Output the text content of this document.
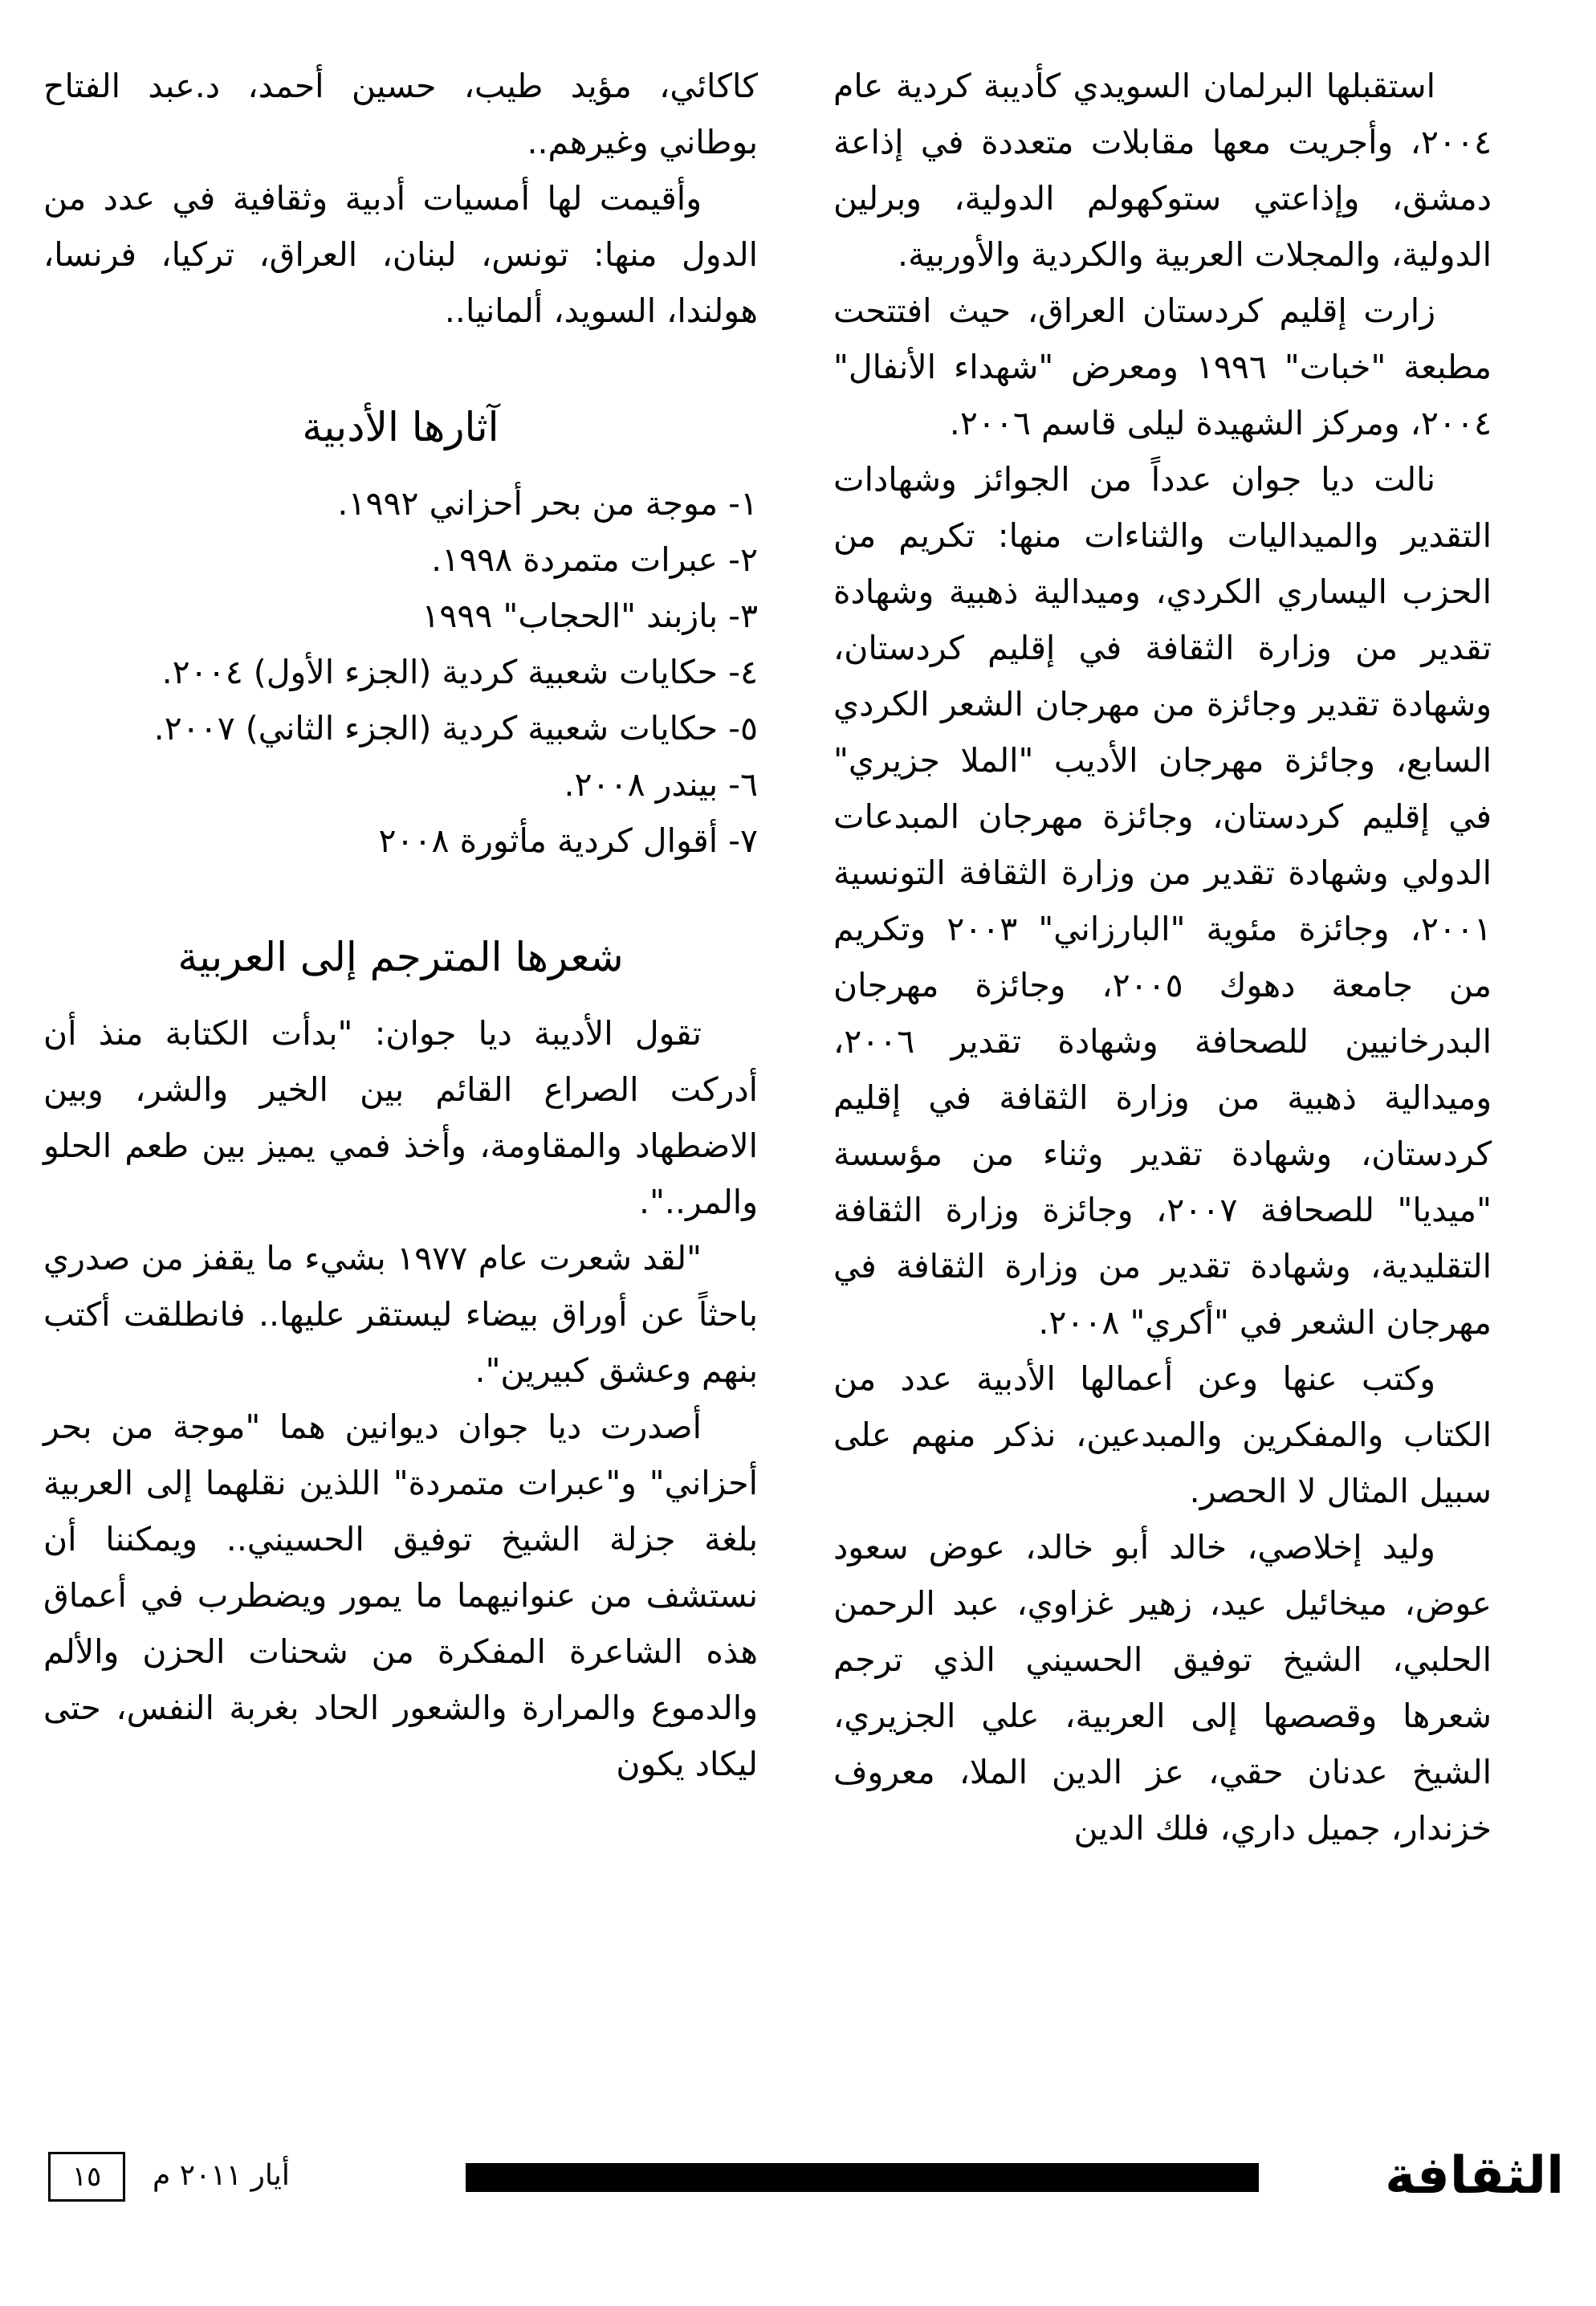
استقبلها البرلمان السويدي كأديبة كردية عام ٢٠٠٤، وأجريت معها مقابلات متعددة في إذاعة دمشق، وإذاعتي ستوكهولم الدولية، وبرلين الدولية، والمجلات العربية والكردية والأوربية.

زارت إقليم كردستان العراق، حيث افتتحت مطبعة "خبات" ١٩٩٦ ومعرض "شهداء الأنفال" ٢٠٠٤، ومركز الشهيدة ليلى قاسم ٢٠٠٦.

نالت ديا جوان عدداً من الجوائز وشهادات التقدير والميداليات والثناءات منها: تكريم من الحزب اليساري الكردي، وميدالية ذهبية وشهادة تقدير من وزارة الثقافة في إقليم كردستان، وشهادة تقدير وجائزة من مهرجان الشعر الكردي السابع، وجائزة مهرجان الأديب "الملا جزيري" في إقليم كردستان، وجائزة مهرجان المبدعات الدولي وشهادة تقدير من وزارة الثقافة التونسية ٢٠٠١، وجائزة مئوية "البارزاني" ٢٠٠٣ وتكريم من جامعة دهوك ٢٠٠٥، وجائزة مهرجان البدرخانيين للصحافة وشهادة تقدير ٢٠٠٦، وميدالية ذهبية من وزارة الثقافة في إقليم كردستان، وشهادة تقدير وثناء من مؤسسة "ميديا" للصحافة ٢٠٠٧، وجائزة وزارة الثقافة التقليدية، وشهادة تقدير من وزارة الثقافة في مهرجان الشعر في "أكري" ٢٠٠٨.

وكتب عنها وعن أعمالها الأدبية عدد من الكتاب والمفكرين والمبدعين، نذكر منهم على سبيل المثال لا الحصر.

وليد إخلاصي، خالد أبو خالد، عوض سعود عوض، ميخائيل عيد، زهير غزاوي، عبد الرحمن الحلبي، الشيخ توفيق الحسيني الذي ترجم شعرها وقصصها إلى العربية، علي الجزيري، الشيخ عدنان حقي، عز الدين الملا، معروف خزندار، جميل داري، فلك الدين

كاكائي، مؤيد طيب، حسين أحمد، د.عبد الفتاح بوطاني وغيرهم..

وأقيمت لها أمسيات أدبية وثقافية في عدد من الدول منها: تونس، لبنان، العراق، تركيا، فرنسا، هولندا، السويد، ألمانيا..

آثارها الأدبية
١- موجة من بحر أحزاني ١٩٩٢.
٢- عبرات متمردة ١٩٩٨.
٣- بازبند "الحجاب" ١٩٩٩
٤- حكايات شعبية كردية (الجزء الأول) ٢٠٠٤.
٥- حكايات شعبية كردية (الجزء الثاني) ٢٠٠٧.
٦- بيندر ٢٠٠٨.
٧- أقوال كردية مأثورة ٢٠٠٨
شعرها المترجم إلى العربية

تقول الأديبة ديا جوان: "بدأت الكتابة منذ أن أدركت الصراع القائم بين الخير والشر، وبين الاضطهاد والمقاومة، وأخذ فمي يميز بين طعم الحلو والمر..".

"لقد شعرت عام ١٩٧٧ بشيء ما يقفز من صدري باحثاً عن أوراق بيضاء ليستقر عليها.. فانطلقت أكتب بنهم وعشق كبيرين".

أصدرت ديا جوان ديوانين هما "موجة من بحر أحزاني" و"عبرات متمردة" اللذين نقلهما إلى العربية بلغة جزلة الشيخ توفيق الحسيني.. ويمكننا أن نستشف من عنوانيهما ما يمور ويضطرب في أعماق هذه الشاعرة المفكرة من شحنات الحزن والألم والدموع والمرارة والشعور الحاد بغربة النفس، حتى ليكاد يكون

الثقافة
أيار ٢٠١١ م
١٥
